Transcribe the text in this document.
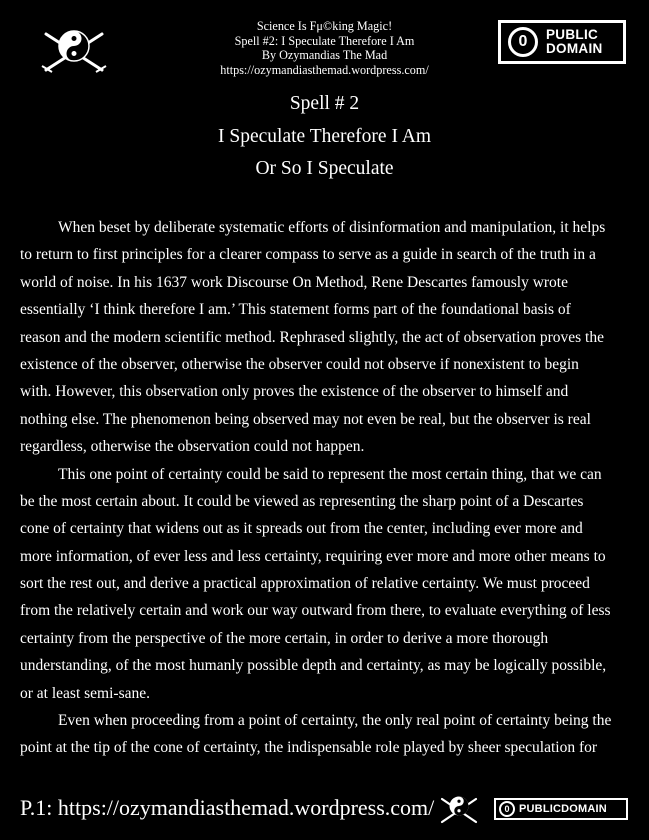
Science Is Fμ©king Magic!
Spell #2: I Speculate Therefore I Am
By Ozymandias The Mad
https://ozymandiasthemad.wordpress.com/
0	PUBLIC
DOMAIN
Spell # 2
I Speculate Therefore I Am
Or So I Speculate
When beset by deliberate systematic efforts of disinformation and manipulation, it helps
to return to first principles for a clearer compass to serve as a guide in search of the truth in a
world of noise. In his 1637 work Discourse On Method, Rene Descartes famously wrote
essentially ‘I think therefore I am.’ This statement forms part of the foundational basis of
reason and the modern scientific method. Rephrased slightly, the act of observation proves the
existence of the observer, otherwise the observer could not observe if nonexistent to begin
with. However, this observation only proves the existence of the observer to himself and
nothing else. The phenomenon being observed may not even be real, but the observer is real
regardless, otherwise the observation could not happen.
This one point of certainty could be said to represent the most certain thing, that we can
be the most certain about. It could be viewed as representing the sharp point of a Descartes
cone of certainty that widens out as it spreads out from the center, including ever more and
more information, of ever less and less certainty, requiring ever more and more other means to
sort the rest out, and derive a practical approximation of relative certainty. We must proceed
from the relatively certain and work our way outward from there, to evaluate everything of less
certainty from the perspective of the more certain, in order to derive a more thorough
understanding, of the most humanly possible depth and certainty, as may be logically possible,
or at least semi-sane.
Even when proceeding from a point of certainty, the only real point of certainty being the
point at the tip of the cone of certainty, the indispensable role played by sheer speculation for
P.1: https://ozymandiasthemad.wordpress.com/	0 PUBLICDOMAIN
